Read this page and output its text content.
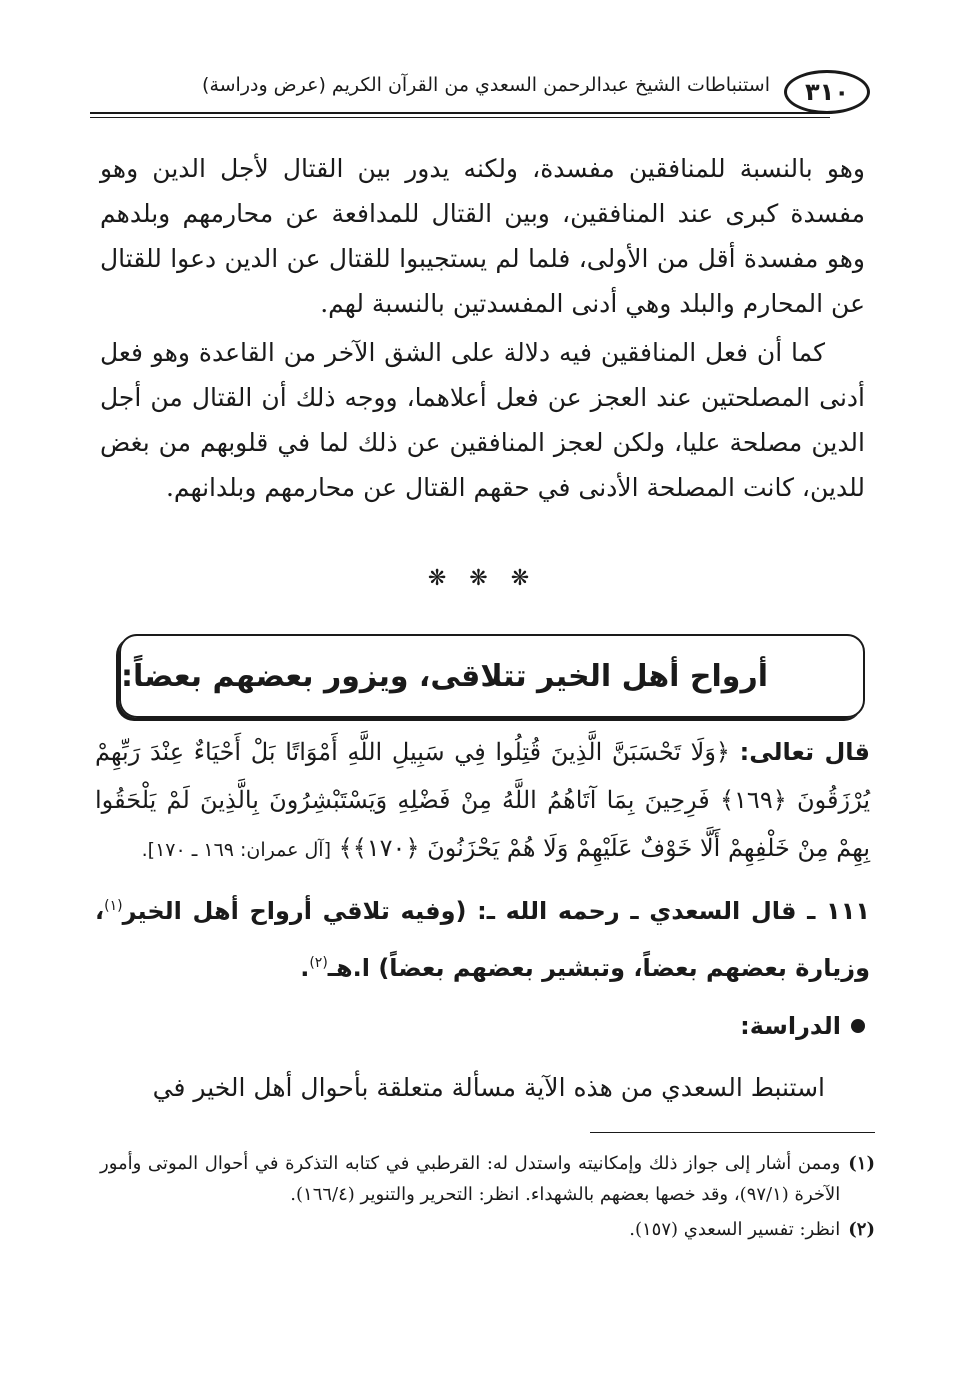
٣١٠
استنباطات الشيخ عبدالرحمن السعدي من القرآن الكريم (عرض ودراسة)

وهو بالنسبة للمنافقين مفسدة، ولكنه يدور بين القتال لأجل الدين وهو مفسدة كبرى عند المنافقين، وبين القتال للمدافعة عن محارمهم وبلدهم وهو مفسدة أقل من الأولى، فلما لم يستجيبوا للقتال عن الدين دعوا للقتال عن المحارم والبلد وهي أدنى المفسدتين بالنسبة لهم.

كما أن فعل المنافقين فيه دلالة على الشق الآخر من القاعدة وهو فعل أدنى المصلحتين عند العجز عن فعل أعلاهما، ووجه ذلك أن القتال من أجل الدين مصلحة عليا، ولكن لعجز المنافقين عن ذلك لما في قلوبهم من بغض للدين، كانت المصلحة الأدنى في حقهم القتال عن محارمهم وبلدانهم.

❋ ❋ ❋
أرواح أهل الخير تتلاقى، ويزور بعضهم بعضاً:
قال تعالى: ﴿وَلَا تَحْسَبَنَّ الَّذِينَ قُتِلُوا فِي سَبِيلِ اللَّهِ أَمْوَاتًا بَلْ أَحْيَاءٌ عِنْدَ رَبِّهِمْ يُرْزَقُونَ ﴿١٦٩﴾ فَرِحِينَ بِمَا آتَاهُمُ اللَّهُ مِنْ فَضْلِهِ وَيَسْتَبْشِرُونَ بِالَّذِينَ لَمْ يَلْحَقُوا بِهِمْ مِنْ خَلْفِهِمْ أَلَّا خَوْفٌ عَلَيْهِمْ وَلَا هُمْ يَحْزَنُونَ ﴿١٧٠﴾﴾ [آل عمران: ١٦٩ ـ ١٧٠].
١١١ ـ قال السعدي ـ رحمه الله ـ: (وفيه تلاقي أرواح أهل الخير$^{(١)}$، وزيارة بعضهم بعضاً، وتبشير بعضهم بعضاً) ا.هـ$^{(٢)}$.
الدراسة:

استنبط السعدي من هذه الآية مسألة متعلقة بأحوال أهل الخير في

(١)
وممن أشار إلى جواز ذلك وإمكانيته واستدل له: القرطبي في كتابه التذكرة في أحوال الموتى وأمور الآخرة (٩٧/١)، وقد خصها بعضهم بالشهداء. انظر: التحرير والتنوير (١٦٦/٤).
(٢)
انظر: تفسير السعدي (١٥٧).
